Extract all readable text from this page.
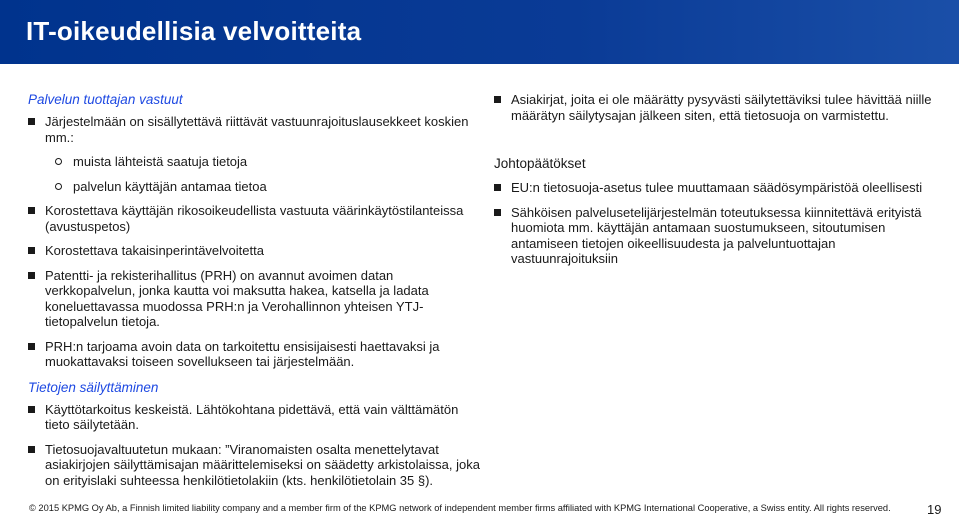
IT-oikeudellisia velvoitteita
Palvelun tuottajan vastuut
Järjestelmään on sisällytettävä riittävät vastuunrajoituslausekkeet koskien mm.:
muista lähteistä saatuja tietoja
palvelun käyttäjän antamaa tietoa
Korostettava käyttäjän rikosoikeudellista vastuuta väärinkäytöstilanteissa (avustuspetos)
Korostettava takaisinperintävelvoitetta
Patentti- ja rekisterihallitus (PRH) on avannut avoimen datan verkkopalvelun, jonka kautta voi maksutta hakea, katsella ja ladata koneluettavassa muodossa PRH:n ja Verohallinnon yhteisen YTJ-tietopalvelun tietoja.
PRH:n tarjoama avoin data on tarkoitettu ensisijaisesti haettavaksi ja muokattavaksi toiseen sovellukseen tai järjestelmään.
Tietojen säilyttäminen
Käyttötarkoitus keskeistä. Lähtökohtana pidettävä, että vain välttämätön tieto säilytetään.
Tietosuojavaltuutetun mukaan: ”Viranomaisten osalta menettelytavat asiakirjojen säilyttämisajan määrittelemiseksi on säädetty arkistolaissa, joka on erityislaki suhteessa henkilötietolakiin (kts. henkilötietolain 35 §).
Asiakirjat, joita ei ole määrätty pysyvästi säilytettäviksi tulee hävittää niille määrätyn säilytysajan jälkeen siten, että tietosuoja on varmistettu.
Johtopäätökset
EU:n tietosuoja-asetus tulee muuttamaan säädösympäristöä oleellisesti
Sähköisen palvelusetelijärjestelmän toteutuksessa kiinnitettävä erityistä huomiota mm. käyttäjän antamaan suostumukseen, sitoutumisen antamiseen tietojen oikeellisuudesta ja palveluntuottajan vastuunrajoituksiin
© 2015 KPMG Oy Ab, a Finnish limited liability company and a member firm of the KPMG network of independent member firms affiliated with KPMG International Cooperative, a Swiss entity. All rights reserved.	19
